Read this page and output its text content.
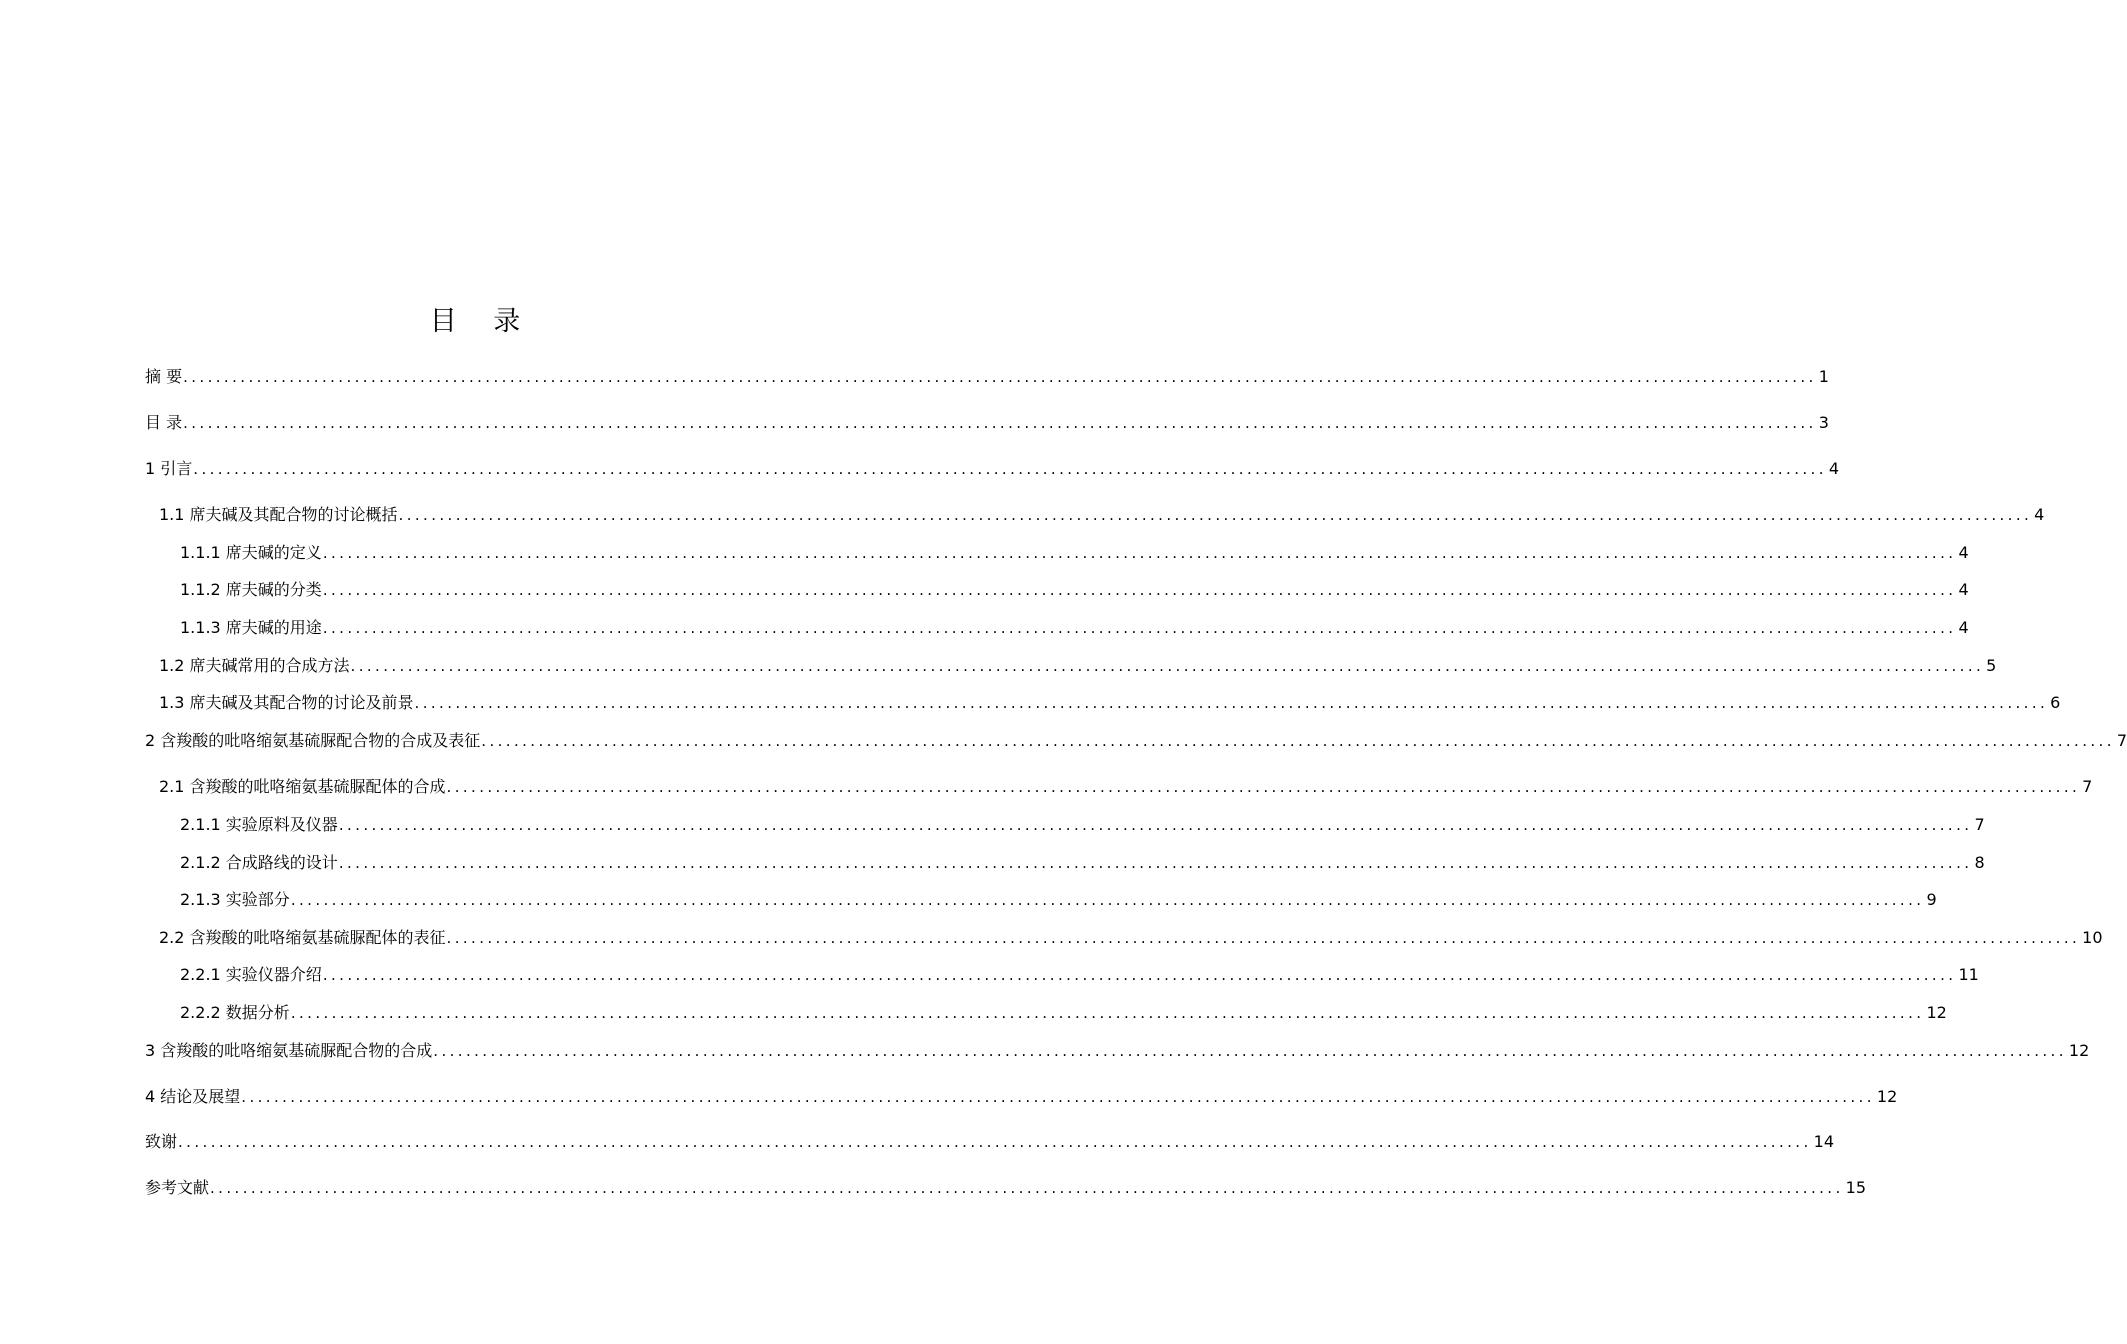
目 录
摘 要 ........................................................................................................................................................................................................ 1
目 录 ........................................................................................................................................................................................................ 3
1 引言 ........................................................................................................................................................................................................ 4
1.1 席夫碱及其配合物的讨论概括 ........................................................................................................................................................................................................ 4
1.1.1 席夫碱的定义 ........................................................................................................................................................................................................ 4
1.1.2 席夫碱的分类 ........................................................................................................................................................................................................ 4
1.1.3 席夫碱的用途 ........................................................................................................................................................................................................ 4
1.2 席夫碱常用的合成方法 ........................................................................................................................................................................................................ 5
1.3 席夫碱及其配合物的讨论及前景 ........................................................................................................................................................................................................ 6
2 含羧酸的吡咯缩氨基硫脲配合物的合成及表征 ........................................................................................................................................................................................................ 7
2.1 含羧酸的吡咯缩氨基硫脲配体的合成 ........................................................................................................................................................................................................ 7
2.1.1 实验原料及仪器 ........................................................................................................................................................................................................ 7
2.1.2 合成路线的设计 ........................................................................................................................................................................................................ 8
2.1.3 实验部分 ........................................................................................................................................................................................................ 9
2.2 含羧酸的吡咯缩氨基硫脲配体的表征 ........................................................................................................................................................................................................ 10
2.2.1 实验仪器介绍 ........................................................................................................................................................................................................ 11
2.2.2 数据分析 ........................................................................................................................................................................................................ 12
3 含羧酸的吡咯缩氨基硫脲配合物的合成 ........................................................................................................................................................................................................ 12
4 结论及展望 ........................................................................................................................................................................................................ 12
致谢 ........................................................................................................................................................................................................ 14
参考文献 ........................................................................................................................................................................................................ 15
